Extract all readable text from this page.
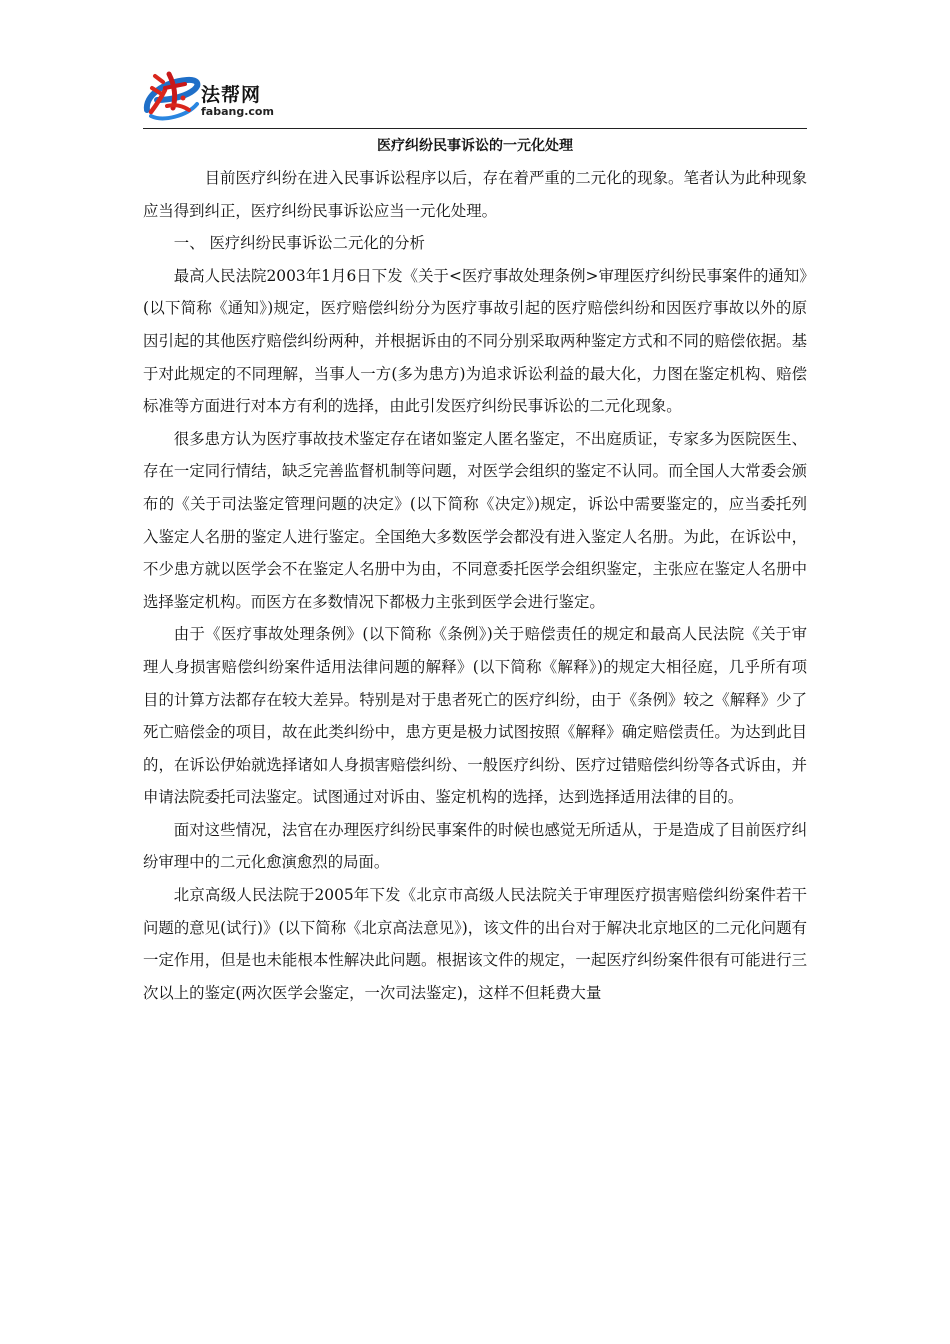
法帮网
fabang.com
医疗纠纷民事诉讼的一元化处理

目前医疗纠纷在进入民事诉讼程序以后，存在着严重的二元化的现象。笔者认为此种现象应当得到纠正，医疗纠纷民事诉讼应当一元化处理。

一、 医疗纠纷民事诉讼二元化的分析

最高人民法院2003年1月6日下发《关于<医疗事故处理条例>审理医疗纠纷民事案件的通知》(以下简称《通知》)规定，医疗赔偿纠纷分为医疗事故引起的医疗赔偿纠纷和因医疗事故以外的原因引起的其他医疗赔偿纠纷两种，并根据诉由的不同分别采取两种鉴定方式和不同的赔偿依据。基于对此规定的不同理解，当事人一方(多为患方)为追求诉讼利益的最大化，力图在鉴定机构、赔偿标准等方面进行对本方有利的选择，由此引发医疗纠纷民事诉讼的二元化现象。

很多患方认为医疗事故技术鉴定存在诸如鉴定人匿名鉴定，不出庭质证，专家多为医院医生、存在一定同行情结，缺乏完善监督机制等问题，对医学会组织的鉴定不认同。而全国人大常委会颁布的《关于司法鉴定管理问题的决定》(以下简称《决定》)规定，诉讼中需要鉴定的，应当委托列入鉴定人名册的鉴定人进行鉴定。全国绝大多数医学会都没有进入鉴定人名册。为此，在诉讼中，不少患方就以医学会不在鉴定人名册中为由，不同意委托医学会组织鉴定，主张应在鉴定人名册中选择鉴定机构。而医方在多数情况下都极力主张到医学会进行鉴定。

由于《医疗事故处理条例》(以下简称《条例》)关于赔偿责任的规定和最高人民法院《关于审理人身损害赔偿纠纷案件适用法律问题的解释》(以下简称《解释》)的规定大相径庭，几乎所有项目的计算方法都存在较大差异。特别是对于患者死亡的医疗纠纷，由于《条例》较之《解释》少了死亡赔偿金的项目，故在此类纠纷中，患方更是极力试图按照《解释》确定赔偿责任。为达到此目的，在诉讼伊始就选择诸如人身损害赔偿纠纷、一般医疗纠纷、医疗过错赔偿纠纷等各式诉由，并申请法院委托司法鉴定。试图通过对诉由、鉴定机构的选择，达到选择适用法律的目的。

面对这些情况，法官在办理医疗纠纷民事案件的时候也感觉无所适从，于是造成了目前医疗纠纷审理中的二元化愈演愈烈的局面。

北京高级人民法院于2005年下发《北京市高级人民法院关于审理医疗损害赔偿纠纷案件若干问题的意见(试行)》(以下简称《北京高法意见》)，该文件的出台对于解决北京地区的二元化问题有一定作用，但是也未能根本性解决此问题。根据该文件的规定，一起医疗纠纷案件很有可能进行三次以上的鉴定(两次医学会鉴定，一次司法鉴定)，这样不但耗费大量
